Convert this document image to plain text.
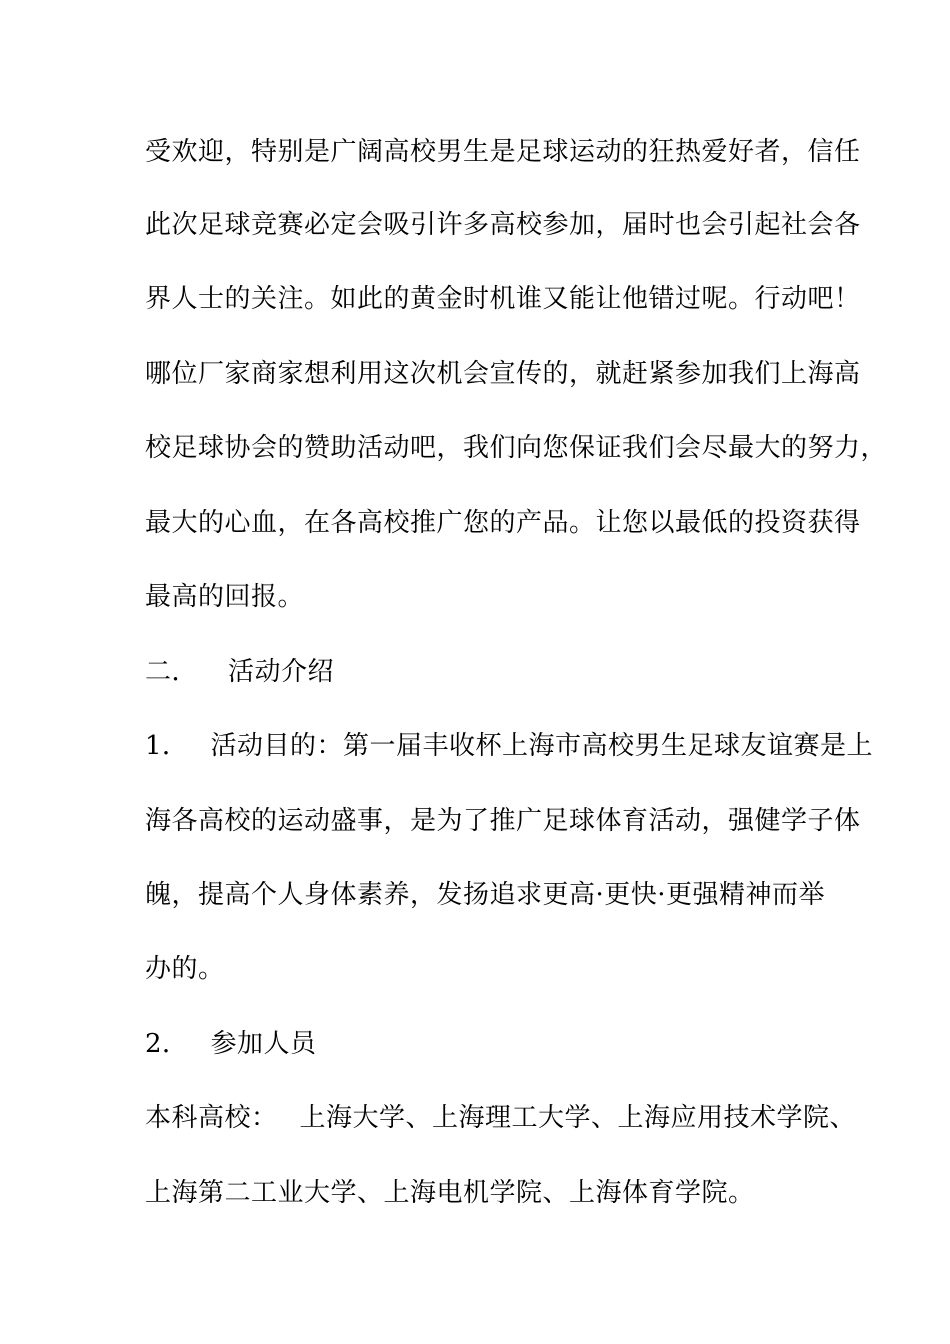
受欢迎，特别是广阔高校男生是足球运动的狂热爱好者，信任
此次足球竞赛必定会吸引许多高校参加，届时也会引起社会各
界人士的关注。如此的黄金时机谁又能让他错过呢。行动吧！
哪位厂家商家想利用这次机会宣传的，就赶紧参加我们上海高
校足球协会的赞助活动吧，我们向您保证我们会尽最大的努力，
最大的心血，在各高校推广您的产品。让您以最低的投资获得
最高的回报。
二． 活动介绍
1． 活动目的：第一届丰收杯上海市高校男生足球友谊赛是上
海各高校的运动盛事，是为了推广足球体育活动，强健学子体
魄，提高个人身体素养，发扬追求更高·更快·更强精神而举
办的。
2． 参加人员
本科高校： 上海大学、上海理工大学、上海应用技术学院、
上海第二工业大学、上海电机学院、上海体育学院。
